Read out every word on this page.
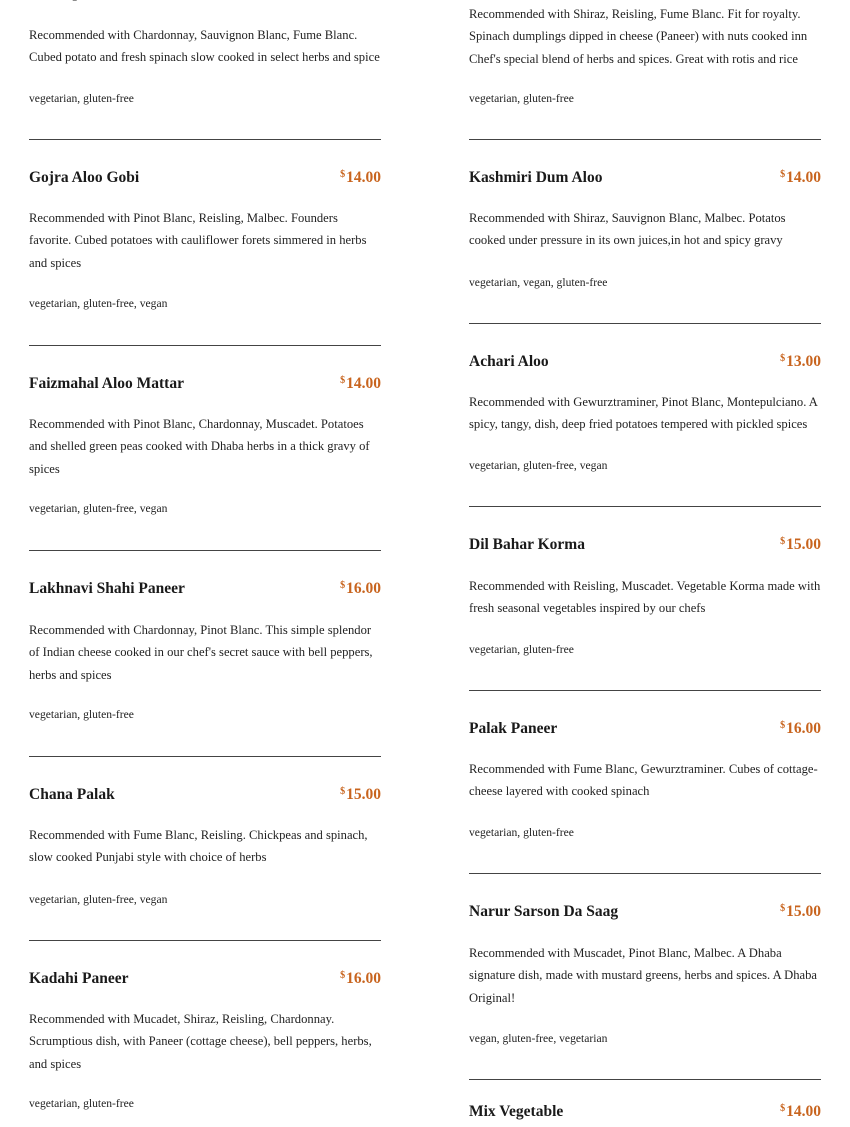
Recommended with Chardonnay, Sauvignon Blanc, Fume Blanc. Cubed potato and fresh spinach slow cooked in select herbs and spice
vegetarian, gluten-free
Gojra Aloo Gobi	$14.00
Recommended with Pinot Blanc, Reisling, Malbec. Founders favorite. Cubed potatoes with cauliflower forets simmered in herbs and spices
vegetarian, gluten-free, vegan
Faizmahal Aloo Mattar	$14.00
Recommended with Pinot Blanc, Chardonnay, Muscadet. Potatoes and shelled green peas cooked with Dhaba herbs in a thick gravy of spices
vegetarian, gluten-free, vegan
Lakhnavi Shahi Paneer	$16.00
Recommended with Chardonnay, Pinot Blanc. This simple splendor of Indian cheese cooked in our chef's secret sauce with bell peppers, herbs and spices
vegetarian, gluten-free
Chana Palak	$15.00
Recommended with Fume Blanc, Reisling. Chickpeas and spinach, slow cooked Punjabi style with choice of herbs
vegetarian, gluten-free, vegan
Kadahi Paneer	$16.00
Recommended with Mucadet, Shiraz, Reisling, Chardonnay. Scrumptious dish, with Paneer (cottage cheese), bell peppers, herbs, and spices
vegetarian, gluten-free
Recommended with Shiraz, Reisling, Fume Blanc. Fit for royalty. Spinach dumplings dipped in cheese (Paneer) with nuts cooked inn Chef's special blend of herbs and spices. Great with rotis and rice
vegetarian, gluten-free
Kashmiri Dum Aloo	$14.00
Recommended with Shiraz, Sauvignon Blanc, Malbec. Potatos cooked under pressure in its own juices,in hot and spicy gravy
vegetarian, vegan, gluten-free
Achari Aloo	$13.00
Recommended with Gewurztraminer, Pinot Blanc, Montepulciano. A spicy, tangy, dish, deep fried potatoes tempered with pickled spices
vegetarian, gluten-free, vegan
Dil Bahar Korma	$15.00
Recommended with Reisling, Muscadet. Vegetable Korma made with fresh seasonal vegetables inspired by our chefs
vegetarian, gluten-free
Palak Paneer	$16.00
Recommended with Fume Blanc, Gewurztraminer. Cubes of cottage-cheese layered with cooked spinach
vegetarian, gluten-free
Narur Sarson Da Saag	$15.00
Recommended with Muscadet, Pinot Blanc, Malbec. A Dhaba signature dish, made with mustard greens, herbs and spices. A Dhaba Original!
vegan, gluten-free, vegetarian
Mix Vegetable	$14.00
